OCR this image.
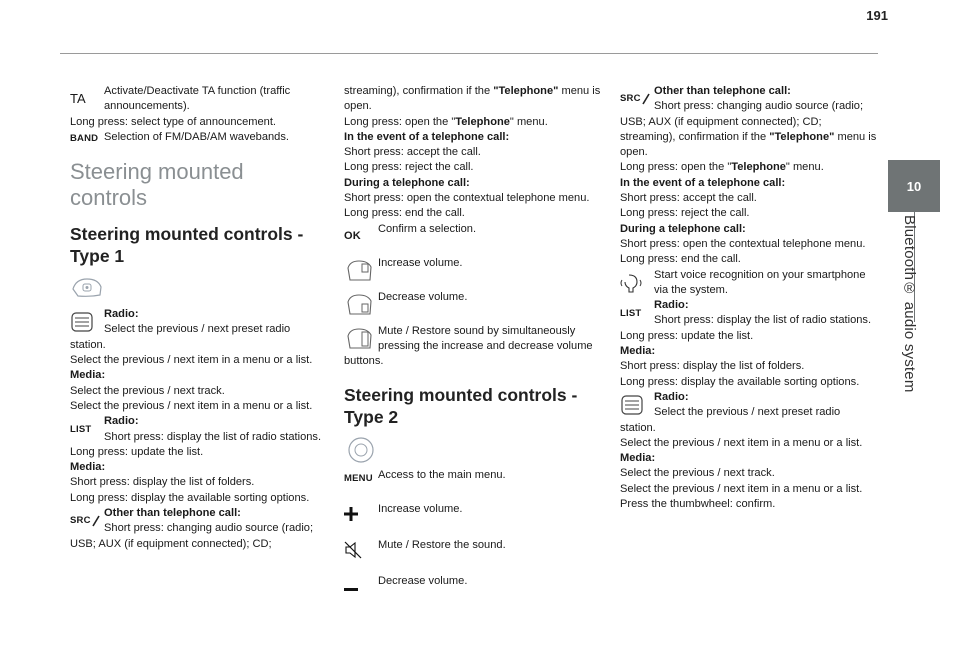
191
10
Bluetooth® audio system
TA

Activate/Deactivate TA function (traffic announcements).

Long press: select type of announcement.

BAND Selection of FM/DAB/AM wavebands.

Steering mounted controls
Steering mounted controls - Type 1

Radio:

Select the previous / next preset radio station.

Select the previous / next item in a menu or a list.

Media:

Select the previous / next track.

Select the previous / next item in a menu or a list.

LIST

Radio:

Short press: display the list of radio stations.

Long press: update the list.

Media:

Short press: display the list of folders.

Long press: display the available sorting options.

SRC

Other than telephone call:

Short press: changing audio source (radio; USB; AUX (if equipment connected); CD;

streaming), confirmation if the "Telephone" menu is open.

Long press: open the "Telephone" menu.

In the event of a telephone call:

Short press: accept the call.

Long press: reject the call.

During a telephone call:

Short press: open the contextual telephone menu.

Long press: end the call.

OK

Confirm a selection.

Increase volume.

Decrease volume.

Mute / Restore sound by simultaneously pressing the increase and decrease volume buttons.

Steering mounted controls - Type 2
MENU Access to the main menu.

Increase volume.

Mute / Restore the sound.

Decrease volume.

SRC

Other than telephone call:

Short press: changing audio source (radio; USB; AUX (if equipment connected); CD; streaming), confirmation if the "Telephone" menu is open.

Long press: open the "Telephone" menu.

In the event of a telephone call:

Short press: accept the call.

Long press: reject the call.

During a telephone call:

Short press: open the contextual telephone menu.

Long press: end the call.

Start voice recognition on your smartphone via the system.

LIST

Radio:

Short press: display the list of radio stations.

Long press: update the list.

Media:

Short press: display the list of folders.

Long press: display the available sorting options.

Radio:

Select the previous / next preset radio station.

Select the previous / next item in a menu or a list.

Media:

Select the previous / next track.

Select the previous / next item in a menu or a list.

Press the thumbwheel: confirm.
